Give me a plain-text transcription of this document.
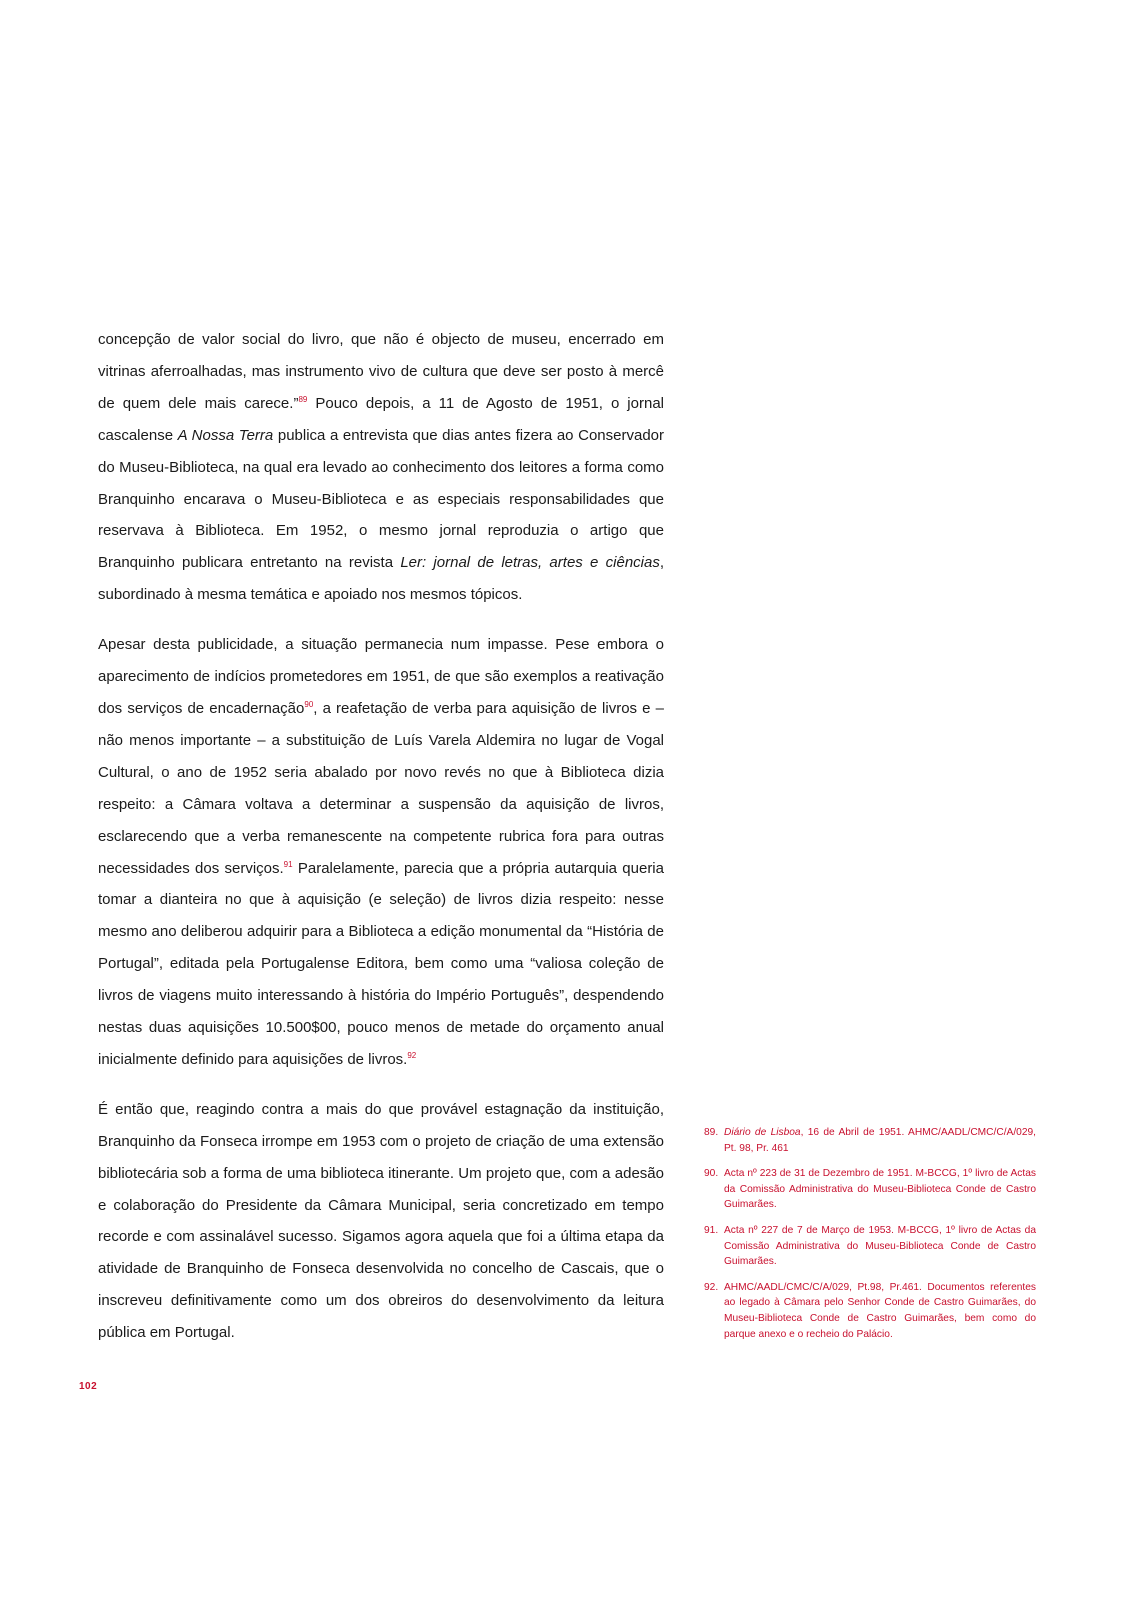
concepção de valor social do livro, que não é objecto de museu, encerrado em vitrinas aferroalhadas, mas instrumento vivo de cultura que deve ser posto à mercê de quem dele mais carece.”$^{89}$ Pouco depois, a 11 de Agosto de 1951, o jornal cascalense A Nossa Terra publica a entrevista que dias antes fizera ao Conservador do Museu-Biblioteca, na qual era levado ao conhecimento dos leitores a forma como Branquinho encarava o Museu-Biblioteca e as especiais responsabilidades que reservava à Biblioteca. Em 1952, o mesmo jornal reproduzia o artigo que Branquinho publicara entretanto na revista Ler: jornal de letras, artes e ciências, subordinado à mesma temática e apoiado nos mesmos tópicos.

Apesar desta publicidade, a situação permanecia num impasse. Pese embora o aparecimento de indícios prometedores em 1951, de que são exemplos a reativação dos serviços de encadernação$^{90}$, a reafetação de verba para aquisição de livros e – não menos importante – a substituição de Luís Varela Aldemira no lugar de Vogal Cultural, o ano de 1952 seria abalado por novo revés no que à Biblioteca dizia respeito: a Câmara voltava a determinar a suspensão da aquisição de livros, esclarecendo que a verba remanescente na competente rubrica fora para outras necessidades dos serviços.$^{91}$ Paralelamente, parecia que a própria autarquia queria tomar a dianteira no que à aquisição (e seleção) de livros dizia respeito: nesse mesmo ano deliberou adquirir para a Biblioteca a edição monumental da “História de Portugal”, editada pela Portugalense Editora, bem como uma “valiosa coleção de livros de viagens muito interessando à história do Império Português”, despendendo nestas duas aquisições 10.500$00, pouco menos de metade do orçamento anual inicialmente definido para aquisições de livros.$^{92}$

É então que, reagindo contra a mais do que provável estagnação da instituição, Branquinho da Fonseca irrompe em 1953 com o projeto de criação de uma extensão bibliotecária sob a forma de uma biblioteca itinerante. Um projeto que, com a adesão e colaboração do Presidente da Câmara Municipal, seria concretizado em tempo recorde e com assinalável sucesso. Sigamos agora aquela que foi a última etapa da atividade de Branquinho de Fonseca desenvolvida no concelho de Cascais, que o inscreveu definitivamente como um dos obreiros do desenvolvimento da leitura pública em Portugal.

89. Diário de Lisboa, 16 de Abril de 1951. AHMC/AADL/CMC/C/A/029, Pt. 98, Pr. 461
90. Acta nº 223 de 31 de Dezembro de 1951. M-BCCG, 1º livro de Actas da Comissão Administrativa do Museu-Biblioteca Conde de Castro Guimarães.
91. Acta nº 227 de 7 de Março de 1953. M-BCCG, 1º livro de Actas da Comissão Administrativa do Museu-Biblioteca Conde de Castro Guimarães.
92. AHMC/AADL/CMC/C/A/029, Pt.98, Pr.461. Documentos referentes ao legado à Câmara pelo Senhor Conde de Castro Guimarães, do Museu-Biblioteca Conde de Castro Guimarães, bem como do parque anexo e o recheio do Palácio.
102
